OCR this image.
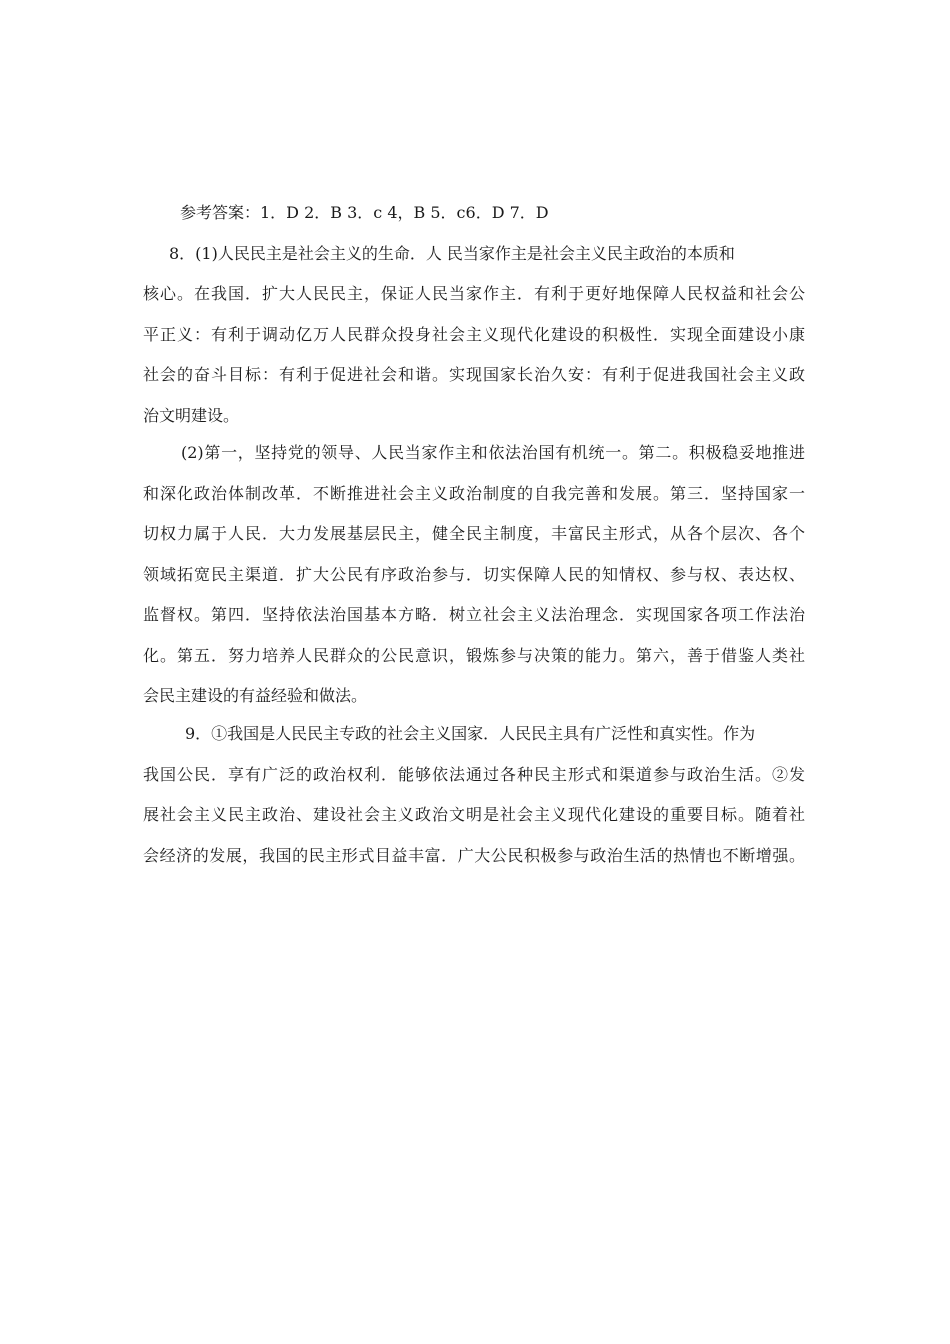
参考答案：1．D 2．B 3．c 4，B 5．c6．D 7．D
8．(1)人民民主是社会主义的生命．人 民当家作主是社会主义民主政治的本质和
核心。在我国．扩大人民民主，保证人民当家作主．有利于更好地保障人民权益和社会公
平正义：有利于调动亿万人民群众投身社会主义现代化建设的积极性．实现全面建设小康
社会的奋斗目标：有利于促进社会和谐。实现国家长治久安：有利于促进我国社会主义政
治文明建设。
(2)第一，坚持党的领导、人民当家作主和依法治国有机统一。第二。积极稳妥地推进
和深化政治体制改革．不断推进社会主义政治制度的自我完善和发展。第三．坚持国家一
切权力属于人民．大力发展基层民主，健全民主制度，丰富民主形式，从各个层次、各个
领域拓宽民主渠道．扩大公民有序政治参与．切实保障人民的知情权、参与权、表达权、
监督权。第四．坚持依法治国基本方略．树立社会主义法治理念．实现国家各项工作法治
化。第五．努力培养人民群众的公民意识，锻炼参与决策的能力。第六，善于借鉴人类社
会民主建设的有益经验和做法。
9．①我国是人民民主专政的社会主义国家．人民民主具有广泛性和真实性。作为
我国公民．享有广泛的政治权利．能够依法通过各种民主形式和渠道参与政治生活。②发
展社会主义民主政治、建设社会主义政治文明是社会主义现代化建设的重要目标。随着社
会经济的发展，我国的民主形式目益丰富．广大公民积极参与政治生活的热情也不断增强。
